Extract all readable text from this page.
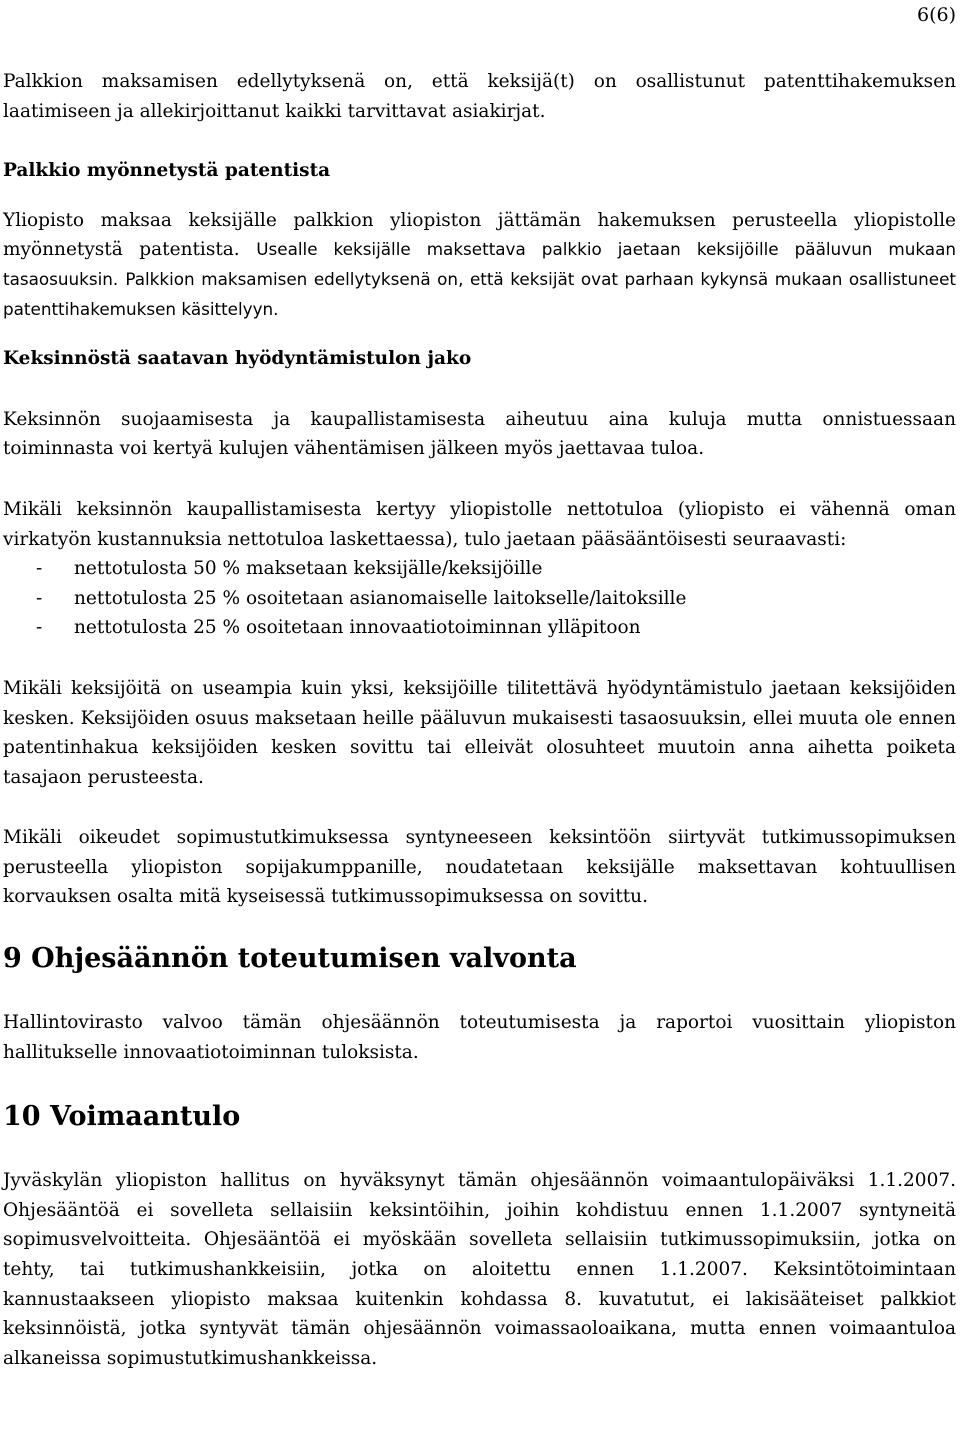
6(6)

Palkkion maksamisen edellytyksenä on, että keksijä(t) on osallistunut patenttihakemuksen laatimiseen ja allekirjoittanut kaikki tarvittavat asiakirjat.

Palkkio myönnetystä patentista

Yliopisto maksaa keksijälle palkkion yliopiston jättämän hakemuksen perusteella yliopistolle myönnetystä patentista. Usealle keksijälle maksettava palkkio jaetaan keksijöille pääluvun mukaan tasaosuuksin. Palkkion maksamisen edellytyksenä on, että keksijät ovat parhaan kykynsä mukaan osallistuneet patenttihakemuksen käsittelyyn.

Keksinnöstä saatavan hyödyntämistulon jako

Keksinnön suojaamisesta ja kaupallistamisesta aiheutuu aina kuluja mutta onnistuessaan toiminnasta voi kertyä kulujen vähentämisen jälkeen myös jaettavaa tuloa.

Mikäli keksinnön kaupallistamisesta kertyy yliopistolle nettotuloa (yliopisto ei vähennä oman virkatyön kustannuksia nettotuloa laskettaessa), tulo jaetaan pääsääntöisesti seuraavasti:

- nettotulosta 50 % maksetaan keksijälle/keksijöille
- nettotulosta 25 % osoitetaan asianomaiselle laitokselle/laitoksille
- nettotulosta 25 % osoitetaan innovaatiotoiminnan ylläpitoon

Mikäli keksijöitä on useampia kuin yksi, keksijöille tilitettävä hyödyntämistulo jaetaan keksijöiden kesken. Keksijöiden osuus maksetaan heille pääluvun mukaisesti tasaosuuksin, ellei muuta ole ennen patentinhakua keksijöiden kesken sovittu tai elleivät olosuhteet muutoin anna aihetta poiketa tasajaon perusteesta.

Mikäli oikeudet sopimustutkimuksessa syntyneeseen keksintöön siirtyvät tutkimussopimuksen perusteella yliopiston sopijakumppanille, noudatetaan keksijälle maksettavan kohtuullisen korvauksen osalta mitä kyseisessä tutkimussopimuksessa on sovittu.

9 Ohjesäännön toteutumisen valvonta

Hallintovirasto valvoo tämän ohjesäännön toteutumisesta ja raportoi vuosittain yliopiston hallitukselle innovaatiotoiminnan tuloksista.

10 Voimaantulo

Jyväskylän yliopiston hallitus on hyväksynyt tämän ohjesäännön voimaantulopäiväksi 1.1.2007. Ohjesääntöä ei sovelleta sellaisiin keksintöihin, joihin kohdistuu ennen 1.1.2007 syntyneitä sopimusvelvoitteita. Ohjesääntöä ei myöskään sovelleta sellaisiin tutkimussopimuksiin, jotka on tehty, tai tutkimushankkeisiin, jotka on aloitettu ennen 1.1.2007. Keksintötoimintaan kannustaakseen yliopisto maksaa kuitenkin kohdassa 8. kuvatutut, ei lakisääteiset palkkiot keksinnöistä, jotka syntyvät tämän ohjesäännön voimassaoloaikana, mutta ennen voimaantuloa alkaneissa sopimustutkimushankkeissa.
